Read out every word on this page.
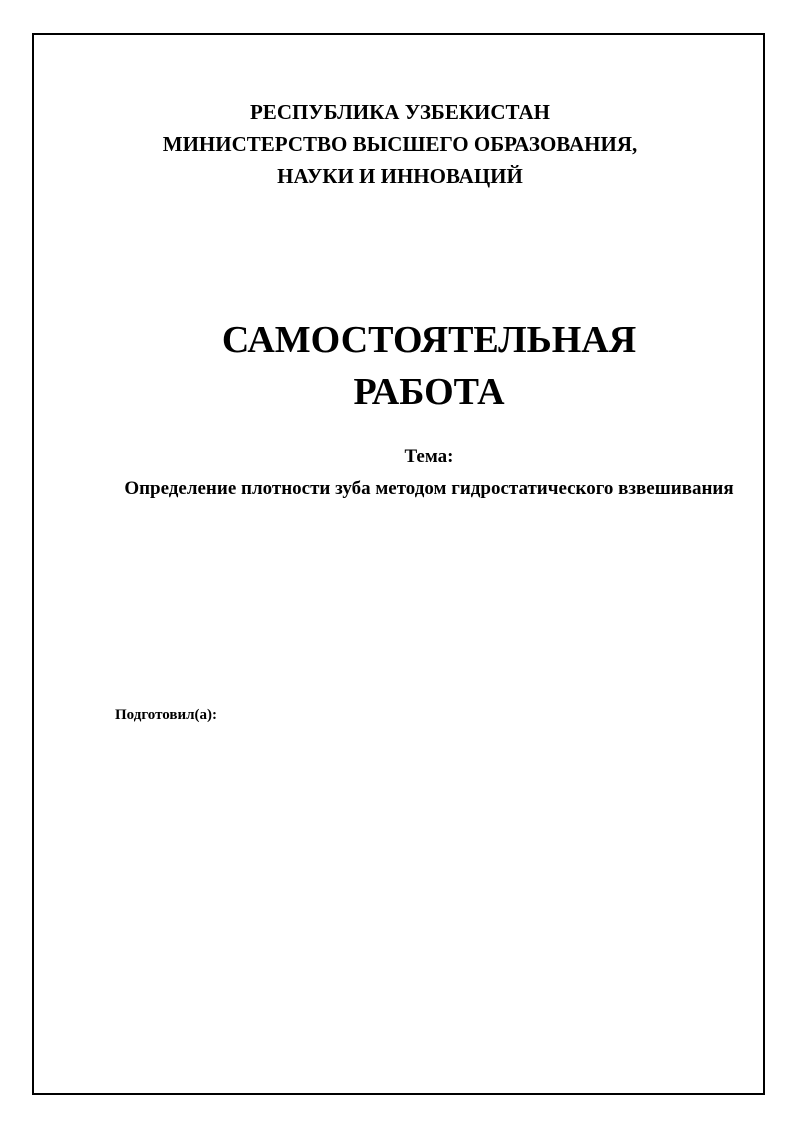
РЕСПУБЛИКА УЗБЕКИСТАН
МИНИСТЕРСТВО ВЫСШЕГО ОБРАЗОВАНИЯ,
НАУКИ И ИННОВАЦИЙ
САМОСТОЯТЕЛЬНАЯ
РАБОТА
Тема:
Определение плотности зуба методом гидростатического взвешивания
Подготовил(а):
